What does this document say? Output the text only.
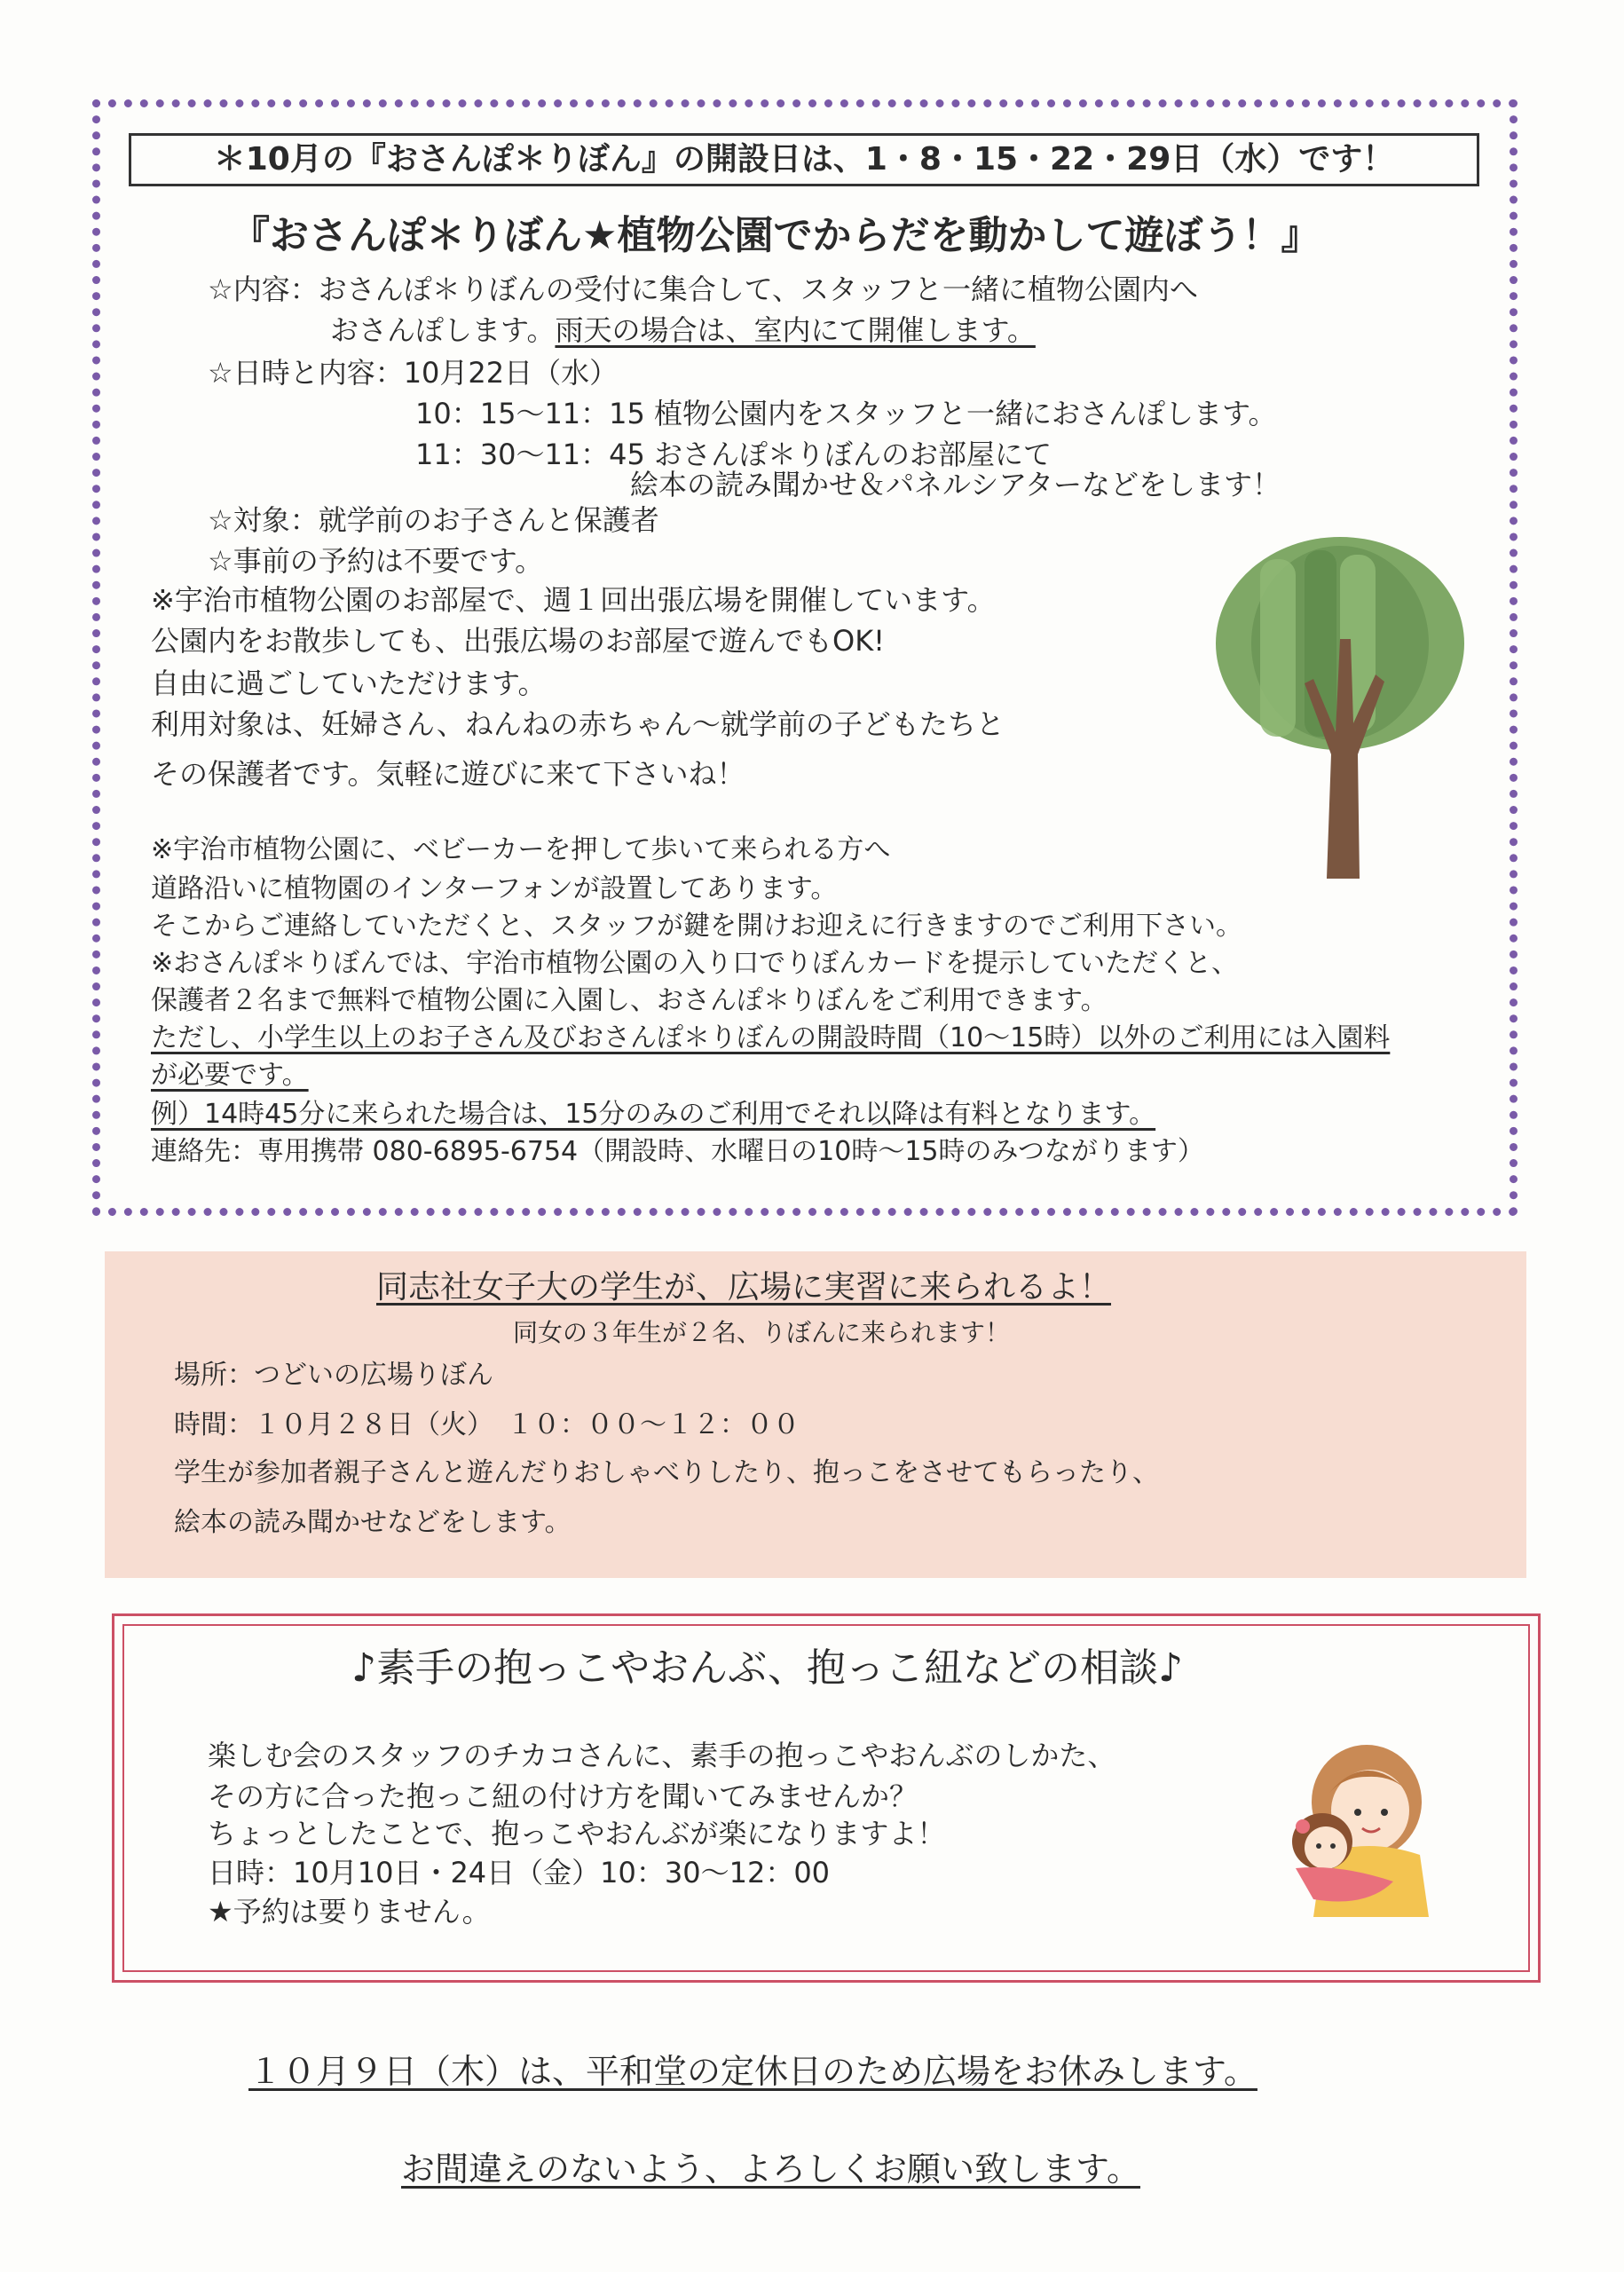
＊10月の『おさんぽ＊りぼん』の開設日は、1・8・15・22・29日（水）です！
『おさんぽ＊りぼん★植物公園でからだを動かして遊ぼう！』
☆内容：おさんぽ＊りぼんの受付に集合して、スタッフと一緒に植物公園内へ
おさんぽします。雨天の場合は、室内にて開催します。
☆日時と内容：10月22日（水）
10：15〜11：15 植物公園内をスタッフと一緒におさんぽします。
11：30〜11：45 おさんぽ＊りぼんのお部屋にて
絵本の読み聞かせ＆パネルシアターなどをします！
☆対象：就学前のお子さんと保護者
☆事前の予約は不要です。
※宇治市植物公園のお部屋で、週１回出張広場を開催しています。
公園内をお散歩しても、出張広場のお部屋で遊んでもOK!
自由に過ごしていただけます。
利用対象は、妊婦さん、ねんねの赤ちゃん〜就学前の子どもたちと
その保護者です。気軽に遊びに来て下さいね！
※宇治市植物公園に、ベビーカーを押して歩いて来られる方へ
道路沿いに植物園のインターフォンが設置してあります。
そこからご連絡していただくと、スタッフが鍵を開けお迎えに行きますのでご利用下さい。
※おさんぽ＊りぼんでは、宇治市植物公園の入り口でりぼんカードを提示していただくと、
保護者２名まで無料で植物公園に入園し、おさんぽ＊りぼんをご利用できます。
ただし、小学生以上のお子さん及びおさんぽ＊りぼんの開設時間（10〜15時）以外のご利用には入園料
が必要です。
例）14時45分に来られた場合は、15分のみのご利用でそれ以降は有料となります。
連絡先：専用携帯 080-6895-6754（開設時、水曜日の10時〜15時のみつながります）
同志社女子大の学生が、広場に実習に来られるよ！
同女の３年生が２名、りぼんに来られます！
場所：つどいの広場りぼん
時間：１０月２８日（火）　１０：００〜１２：００
学生が参加者親子さんと遊んだりおしゃべりしたり、抱っこをさせてもらったり、
絵本の読み聞かせなどをします。
♪素手の抱っこやおんぶ、抱っこ紐などの相談♪
楽しむ会のスタッフのチカコさんに、素手の抱っこやおんぶのしかた、
その方に合った抱っこ紐の付け方を聞いてみませんか？
ちょっとしたことで、抱っこやおんぶが楽になりますよ！
日時：10月10日・24日（金）10：30〜12：00
★予約は要りません。
１０月９日（木）は、平和堂の定休日のため広場をお休みします。
お間違えのないよう、よろしくお願い致します。
